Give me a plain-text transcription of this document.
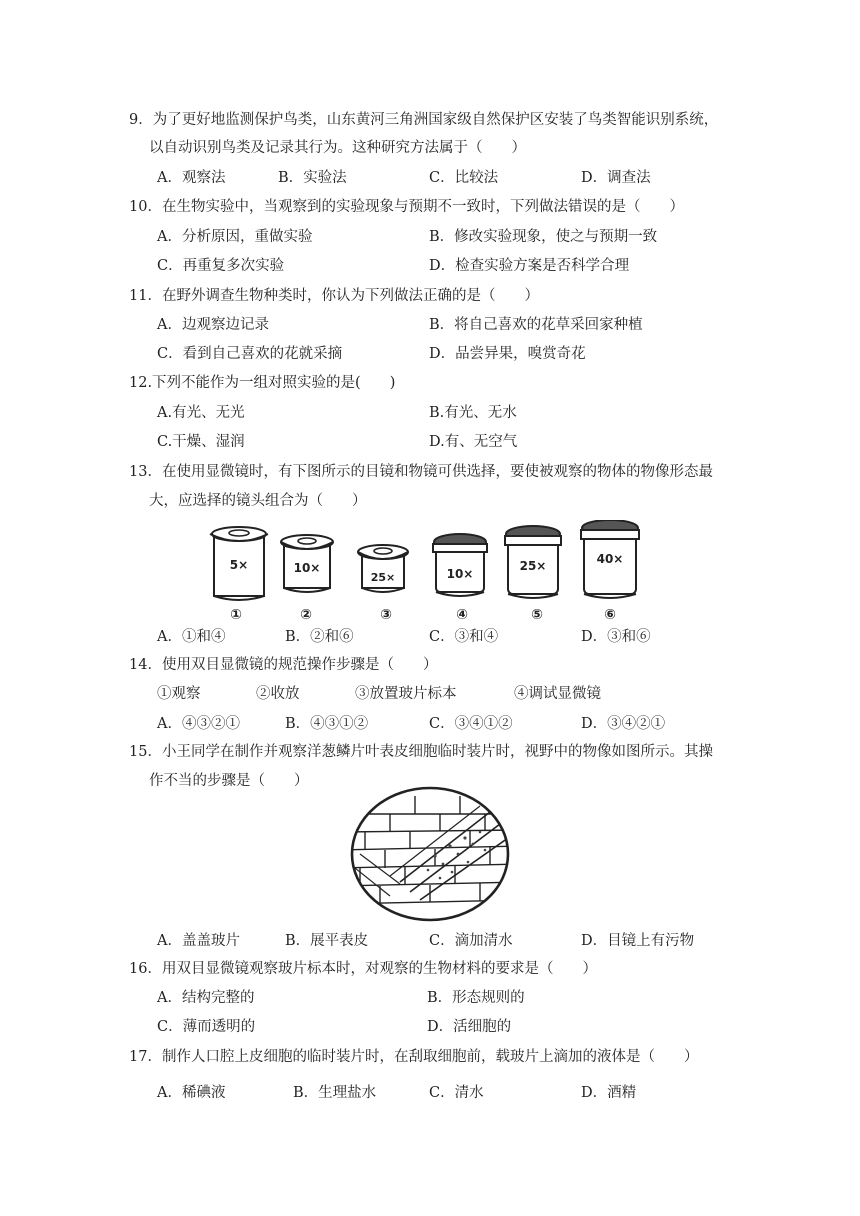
9．为了更好地监测保护鸟类，山东黄河三角洲国家级自然保护区安装了鸟类智能识别系统，
以自动识别鸟类及记录其行为。这种研究方法属于（　　）
A．观察法	B．实验法	C．比较法	D．调查法
10．在生物实验中，当观察到的实验现象与预期不一致时，下列做法错误的是（　　）
A．分析原因，重做实验	B．修改实验现象，使之与预期一致
C．再重复多次实验	D．检查实验方案是否科学合理
11．在野外调查生物种类时，你认为下列做法正确的是（　　）
A．边观察边记录	B．将自己喜欢的花草采回家种植
C．看到自己喜欢的花就采摘	D．品尝异果，嗅赏奇花
12.下列不能作为一组对照实验的是(　　)
A.有光、无光	B.有光、无水
C.干燥、湿润	D.有、无空气
13．在使用显微镜时，有下图所示的目镜和物镜可供选择，要使被观察的物体的物像形态最
大，应选择的镜头组合为（　　）
5×
①
10×
②
25×
③
10×
④
25×
⑤
40×
⑥
A．①和④	B．②和⑥	C．③和④	D．③和⑥
14．使用双目显微镜的规范操作步骤是（　　）
①观察	②收放	③放置玻片标本	④调试显微镜
A．④③②①	B．④③①②	C．③④①②	D．③④②①
15．小王同学在制作并观察洋葱鳞片叶表皮细胞临时装片时，视野中的物像如图所示。其操
作不当的步骤是（　　）
A．盖盖玻片	B．展平表皮	C．滴加清水	D．目镜上有污物
16．用双目显微镜观察玻片标本时，对观察的生物材料的要求是（　　）
A．结构完整的	B．形态规则的
C．薄而透明的	D．活细胞的
17．制作人口腔上皮细胞的临时装片时，在刮取细胞前，载玻片上滴加的液体是（　　）
A．稀碘液	B．生理盐水	C．清水	D．酒精
